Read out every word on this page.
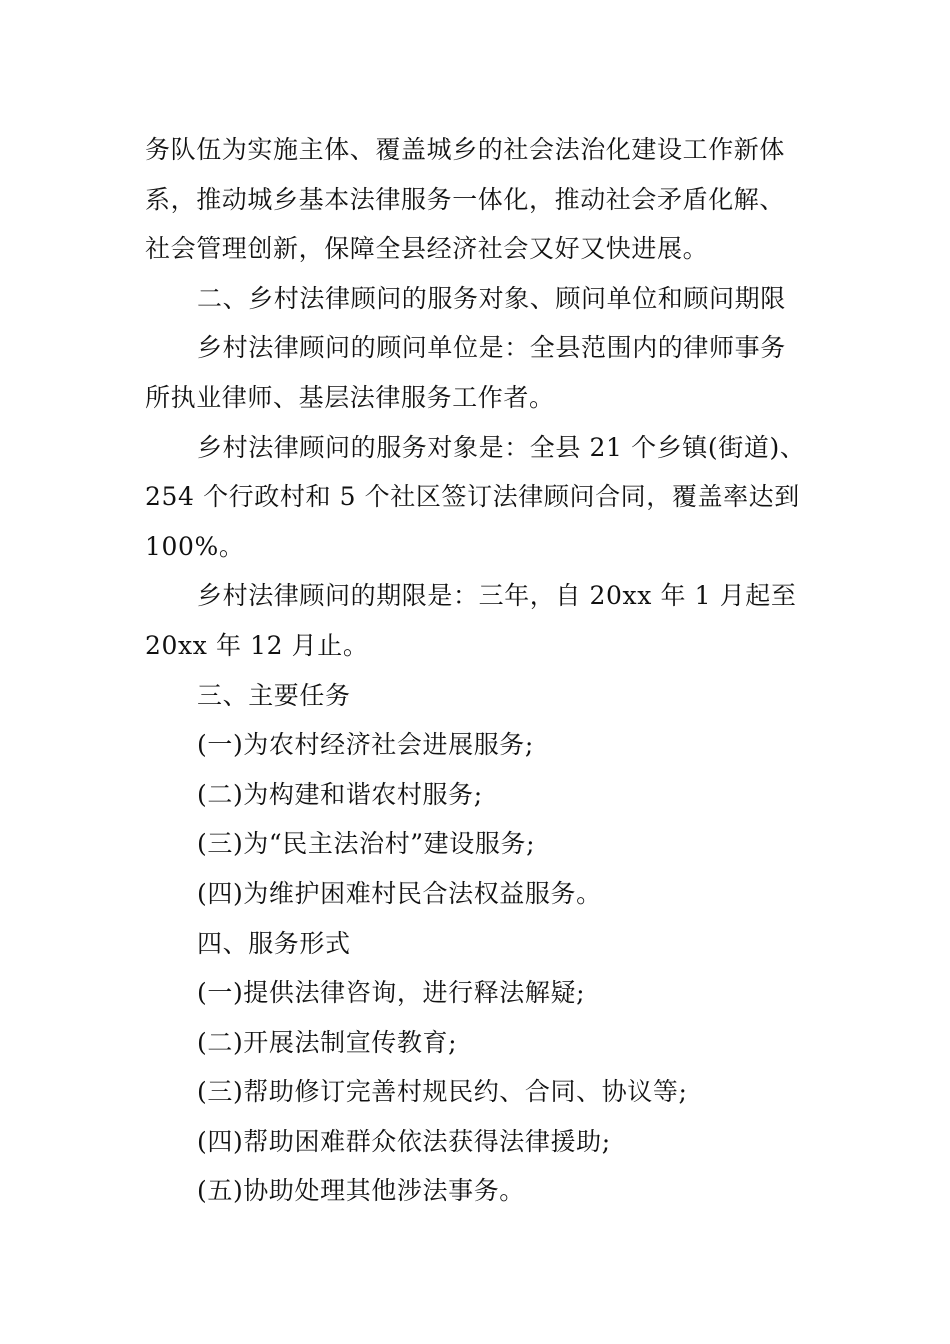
务队伍为实施主体、覆盖城乡的社会法治化建设工作新体
系，推动城乡基本法律服务一体化，推动社会矛盾化解、
社会管理创新，保障全县经济社会又好又快进展。
二、乡村法律顾问的服务对象、顾问单位和顾问期限
乡村法律顾问的顾问单位是：全县范围内的律师事务
所执业律师、基层法律服务工作者。
乡村法律顾问的服务对象是：全县 21 个乡镇(街道)、
254 个行政村和 5 个社区签订法律顾问合同，覆盖率达到
100%。
乡村法律顾问的期限是：三年，自 20xx 年 1 月起至
20xx 年 12 月止。
三、主要任务
(一)为农村经济社会进展服务;
(二)为构建和谐农村服务;
(三)为“民主法治村”建设服务;
(四)为维护困难村民合法权益服务。
四、服务形式
(一)提供法律咨询，进行释法解疑;
(二)开展法制宣传教育;
(三)帮助修订完善村规民约、合同、协议等;
(四)帮助困难群众依法获得法律援助;
(五)协助处理其他涉法事务。
